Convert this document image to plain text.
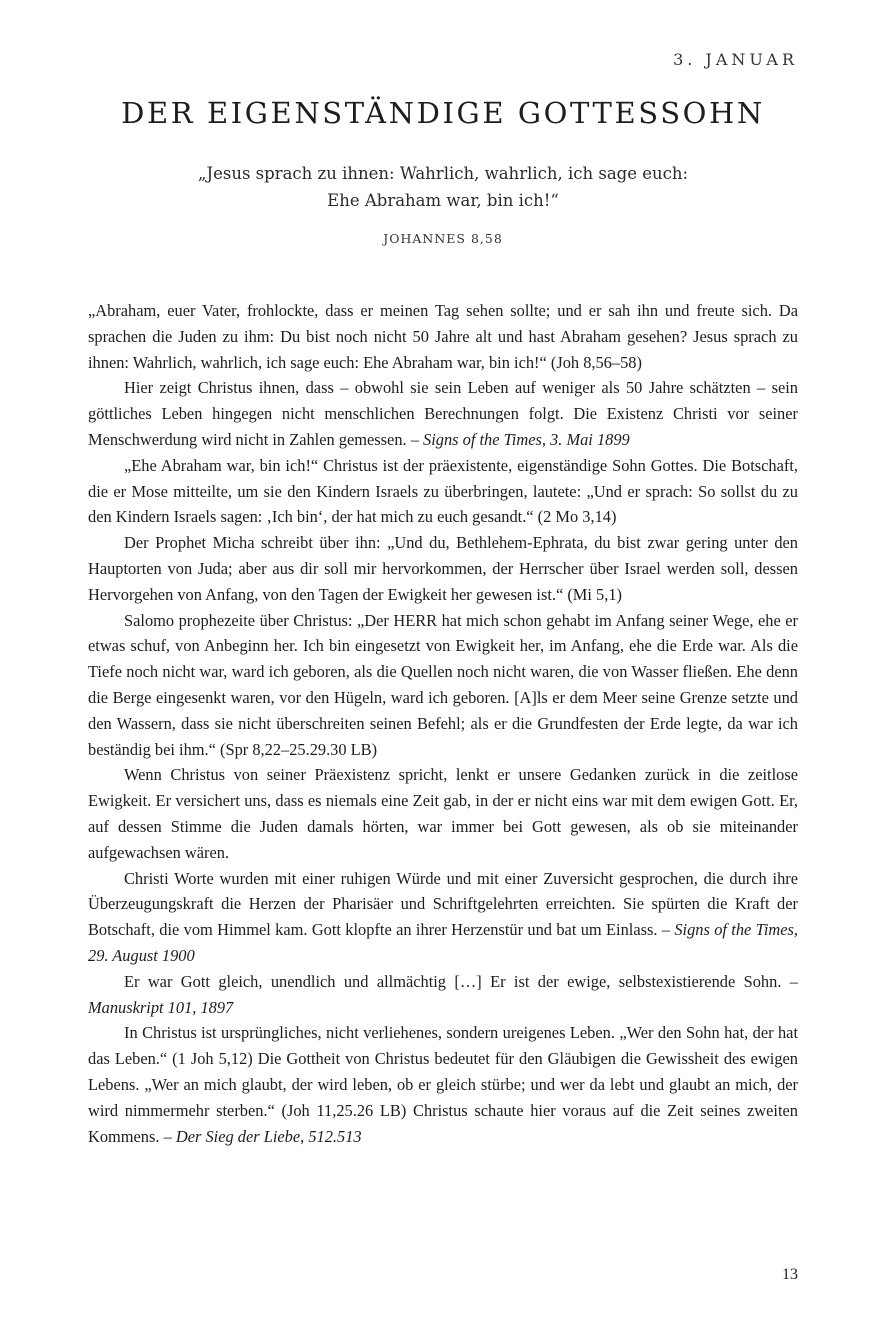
3. JANUAR
DER EIGENSTÄNDIGE GOTTESSOHN
„Jesus sprach zu ihnen: Wahrlich, wahrlich, ich sage euch:
Ehe Abraham war, bin ich!“
JOHANNES 8,58

„Abraham, euer Vater, frohlockte, dass er meinen Tag sehen sollte; und er sah ihn und freute sich. Da sprachen die Juden zu ihm: Du bist noch nicht 50 Jahre alt und hast Abraham gesehen? Jesus sprach zu ihnen: Wahrlich, wahrlich, ich sage euch: Ehe Abraham war, bin ich!“ (Joh 8,56–58)

Hier zeigt Christus ihnen, dass – obwohl sie sein Leben auf weniger als 50 Jahre schätzten – sein göttliches Leben hingegen nicht menschlichen Berechnungen folgt. Die Existenz Christi vor seiner Menschwerdung wird nicht in Zahlen gemessen. – Signs of the Times, 3. Mai 1899

„Ehe Abraham war, bin ich!“ Christus ist der präexistente, eigenständige Sohn Gottes. Die Botschaft, die er Mose mitteilte, um sie den Kindern Israels zu überbringen, lautete: „Und er sprach: So sollst du zu den Kindern Israels sagen: ‚Ich bin‘, der hat mich zu euch gesandt.“ (2 Mo 3,14)

Der Prophet Micha schreibt über ihn: „Und du, Bethlehem-Ephrata, du bist zwar gering unter den Hauptorten von Juda; aber aus dir soll mir hervorkommen, der Herrscher über Israel werden soll, dessen Hervorgehen von Anfang, von den Tagen der Ewigkeit her gewesen ist.“ (Mi 5,1)

Salomo prophezeite über Christus: „Der HERR hat mich schon gehabt im Anfang seiner Wege, ehe er etwas schuf, von Anbeginn her. Ich bin eingesetzt von Ewigkeit her, im Anfang, ehe die Erde war. Als die Tiefe noch nicht war, ward ich geboren, als die Quellen noch nicht waren, die von Wasser fließen. Ehe denn die Berge eingesenkt waren, vor den Hügeln, ward ich geboren. [A]ls er dem Meer seine Grenze setzte und den Wassern, dass sie nicht überschreiten seinen Befehl; als er die Grundfesten der Erde legte, da war ich beständig bei ihm.“ (Spr 8,22–25.29.30 LB)

Wenn Christus von seiner Präexistenz spricht, lenkt er unsere Gedanken zurück in die zeitlose Ewigkeit. Er versichert uns, dass es niemals eine Zeit gab, in der er nicht eins war mit dem ewigen Gott. Er, auf dessen Stimme die Juden damals hörten, war immer bei Gott gewesen, als ob sie miteinander aufgewachsen wären.

Christi Worte wurden mit einer ruhigen Würde und mit einer Zuversicht gesprochen, die durch ihre Überzeugungskraft die Herzen der Pharisäer und Schriftgelehrten erreichten. Sie spürten die Kraft der Botschaft, die vom Himmel kam. Gott klopfte an ihrer Herzenstür und bat um Einlass. – Signs of the Times, 29. August 1900

Er war Gott gleich, unendlich und allmächtig […] Er ist der ewige, selbstexistierende Sohn. – Manuskript 101, 1897

In Christus ist ursprüngliches, nicht verliehenes, sondern ureigenes Leben. „Wer den Sohn hat, der hat das Leben.“ (1 Joh 5,12) Die Gottheit von Christus bedeutet für den Gläubigen die Gewissheit des ewigen Lebens. „Wer an mich glaubt, der wird leben, ob er gleich stürbe; und wer da lebt und glaubt an mich, der wird nimmermehr sterben.“ (Joh 11,25.26 LB) Christus schaute hier voraus auf die Zeit seines zweiten Kommens. – Der Sieg der Liebe, 512.513

13
